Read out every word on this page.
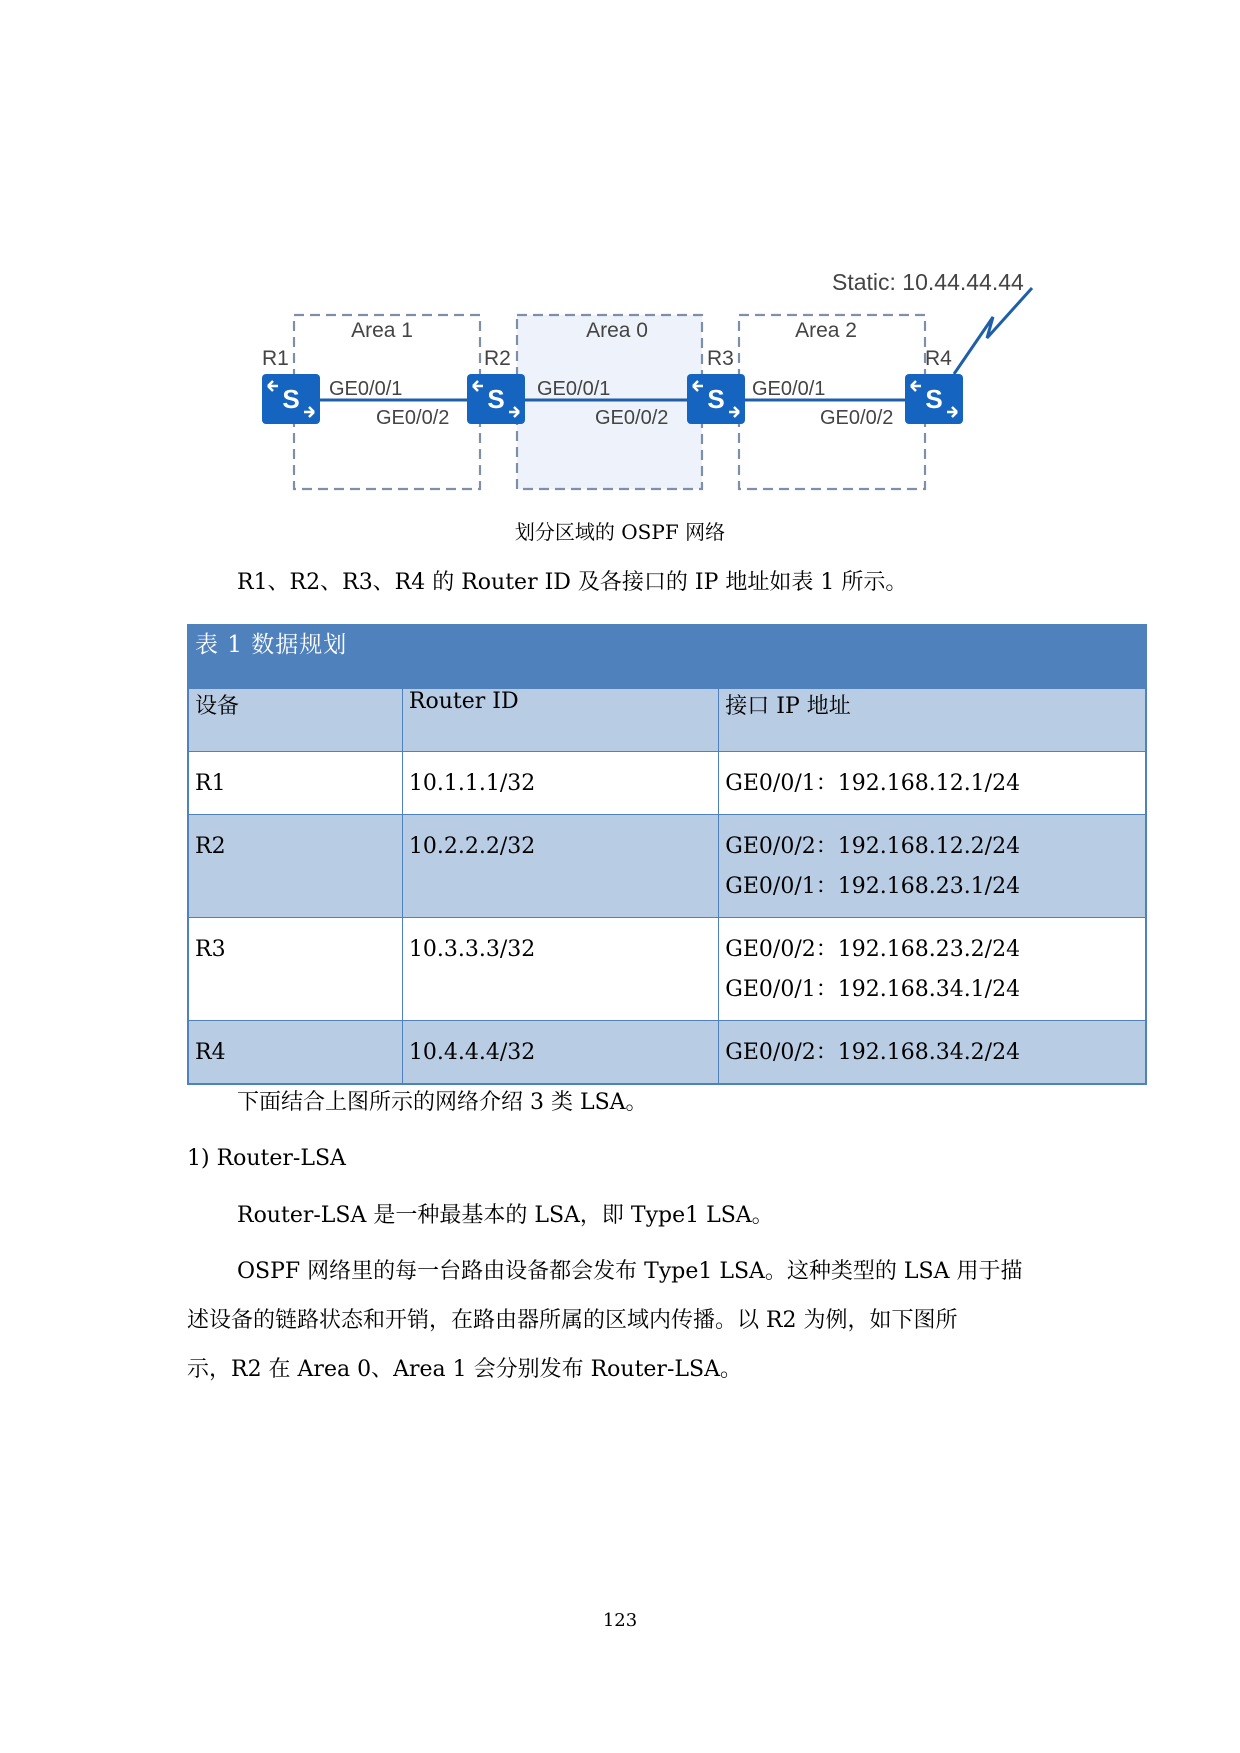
Area 1	Area 0	Area 2
Static: 10.44.44.44
GE0/0/1
GE0/0/2
GE0/0/1
GE0/0/2
GE0/0/1
GE0/0/2
R1	R2	R3	R4
S	S	S	S
划分区域的 OSPF 网络
R1、R2、R3、R4 的 Router ID 及各接口的 IP 地址如表 1 所示。
表 1 数据规划		
设备	Router ID	接口 IP 地址

R1	10.1.1.1/32	GE0/0/1：192.168.12.1/24

R2	10.2.2.2/32	GE0/0/2：192.168.12.2/24
GE0/0/1：192.168.23.1/24

R3	10.3.3.3/32	GE0/0/2：192.168.23.2/24
GE0/0/1：192.168.34.1/24

R4	10.4.4.4/32	GE0/0/2：192.168.34.2/24
下面结合上图所示的网络介绍 3 类 LSA。
1) Router-LSA
Router-LSA 是一种最基本的 LSA，即 Type1 LSA。
OSPF 网络里的每一台路由设备都会发布 Type1 LSA。这种类型的 LSA 用于描
述设备的链路状态和开销，在路由器所属的区域内传播。以 R2 为例，如下图所
示，R2 在 Area 0、Area 1 会分别发布 Router-LSA。
123
